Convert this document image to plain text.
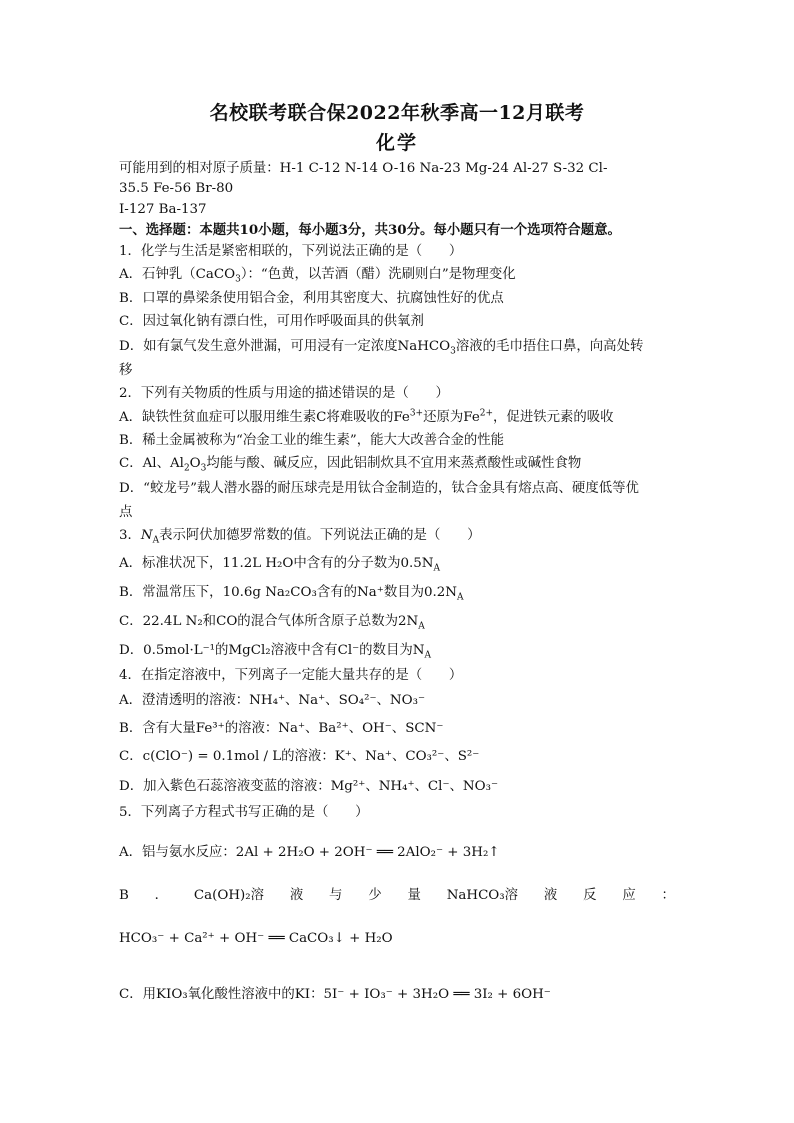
名校联考联合保2022年秋季高一12月联考
化学
可能用到的相对原子质量：H-1 C-12 N-14 O-16 Na-23 Mg-24 Al-27 S-32 Cl-
35.5 Fe-56 Br-80
I-127 Ba-137
一、选择题：本题共10小题，每小题3分，共30分。每小题只有一个选项符合题意。
1．化学与生活是紧密相联的，下列说法正确的是（　　）
A．石钟乳（CaCO$_3$）：“色黄，以苦酒（醋）洗刷则白”是物理变化
B．口罩的鼻梁条使用铝合金，利用其密度大、抗腐蚀性好的优点
C．因过氧化钠有漂白性，可用作呼吸面具的供氧剂
D．如有氯气发生意外泄漏，可用浸有一定浓度NaHCO$_3$溶液的毛巾捂住口鼻，向高处转
移
2．下列有关物质的性质与用途的描述错误的是（　　）
A．缺铁性贫血症可以服用维生素C将难吸收的$Fe^{3+}$还原为$Fe^{2+}$，促进铁元素的吸收
B．稀土金属被称为“冶金工业的维生素”，能大大改善合金的性能
C．Al、$Al_2O_3$均能与酸、碱反应，因此铝制炊具不宜用来蒸煮酸性或碱性食物
D．“蛟龙号”载人潜水器的耐压球壳是用钛合金制造的，钛合金具有熔点高、硬度低等优
点
3．$N_A$表示阿伏加德罗常数的值。下列说法正确的是（　　）
A．标准状况下，11.2L H₂O中含有的分子数为$0.5N_A$
B．常温常压下，10.6g Na₂CO₃含有的Na⁺数目为$0.2N_A$
C．22.4L N₂和CO的混合气体所含原子总数为$2N_A$
D．0.5mol·L⁻¹的MgCl₂溶液中含有Cl⁻的数目为$N_A$
4．在指定溶液中，下列离子一定能大量共存的是（　　）
A．澄清透明的溶液：NH₄⁺、Na⁺、SO₄²⁻、NO₃⁻
B．含有大量Fe³⁺的溶液：Na⁺、Ba²⁺、OH⁻、SCN⁻
C．c(ClO⁻) = 0.1mol / L的溶液：K⁺、Na⁺、CO₃²⁻、S²⁻
D．加入紫色石蕊溶液变蓝的溶液：Mg²⁺、NH₄⁺、Cl⁻、NO₃⁻
5．下列离子方程式书写正确的是（　　）
A．铝与氨水反应：2Al + 2H₂O + 2OH⁻ ══ 2AlO₂⁻ + 3H₂↑
B ． Ca(OH)₂溶 液 与 少 量 NaHCO₃溶 液 反 应 ：
HCO₃⁻ + Ca²⁺ + OH⁻ ══ CaCO₃↓ + H₂O
C．用KIO₃氧化酸性溶液中的KI：5I⁻ + IO₃⁻ + 3H₂O ══ 3I₂ + 6OH⁻
